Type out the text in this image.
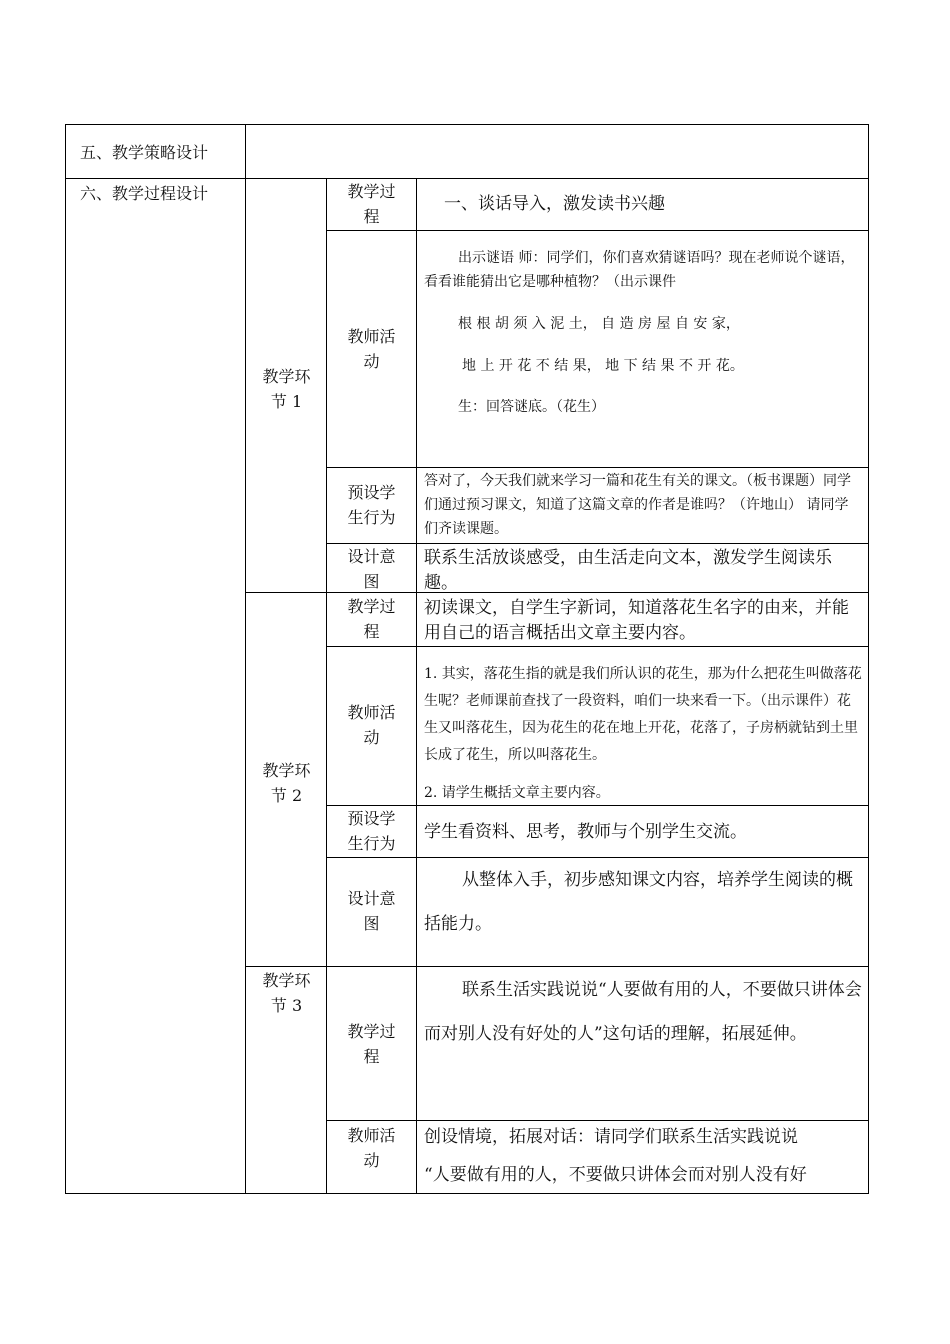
五、教学策略设计
六、教学过程设计
教学环
节 1
教学环
节 2
教学环
节 3
教学过
程
教师活
动
预设学
生行为
设计意
图
教学过
程
教师活
动
预设学
生行为
设计意
图
教学过
程
教师活
动
一、谈话导入，激发读书兴趣

出示谜语 师：同学们，你们喜欢猜谜语吗？现在老师说个谜语，看看谁能猜出它是哪种植物？（出示课件

根 根 胡 须 入 泥 土， 自 造 房 屋 自 安 家，

地 上 开 花 不 结 果， 地 下 结 果 不 开 花。

生：回答谜底。（花生）

答对了，今天我们就来学习一篇和花生有关的课文。（板书课题）同学们通过预习课文，知道了这篇文章的作者是谁吗？（许地山） 请同学们齐读课题。
联系生活放谈感受，由生活走向文本，激发学生阅读乐趣。
初读课文，自学生字新词，知道落花生名字的由来，并能用自己的语言概括出文章主要内容。

1. 其实，落花生指的就是我们所认识的花生，那为什么把花生叫做落花生呢？老师课前查找了一段资料，咱们一块来看一下。（出示课件）花生又叫落花生，因为花生的花在地上开花，花落了，子房柄就钻到土里长成了花生，所以叫落花生。

2. 请学生概括文章主要内容。

学生看资料、思考，教师与个别学生交流。
从整体入手，初步感知课文内容，培养学生阅读的概括能力。
联系生活实践说说“人要做有用的人，不要做只讲体会而对别人没有好处的人”这句话的理解，拓展延伸。

创设情境，拓展对话：请同学们联系生活实践说说

“人要做有用的人，不要做只讲体会而对别人没有好
